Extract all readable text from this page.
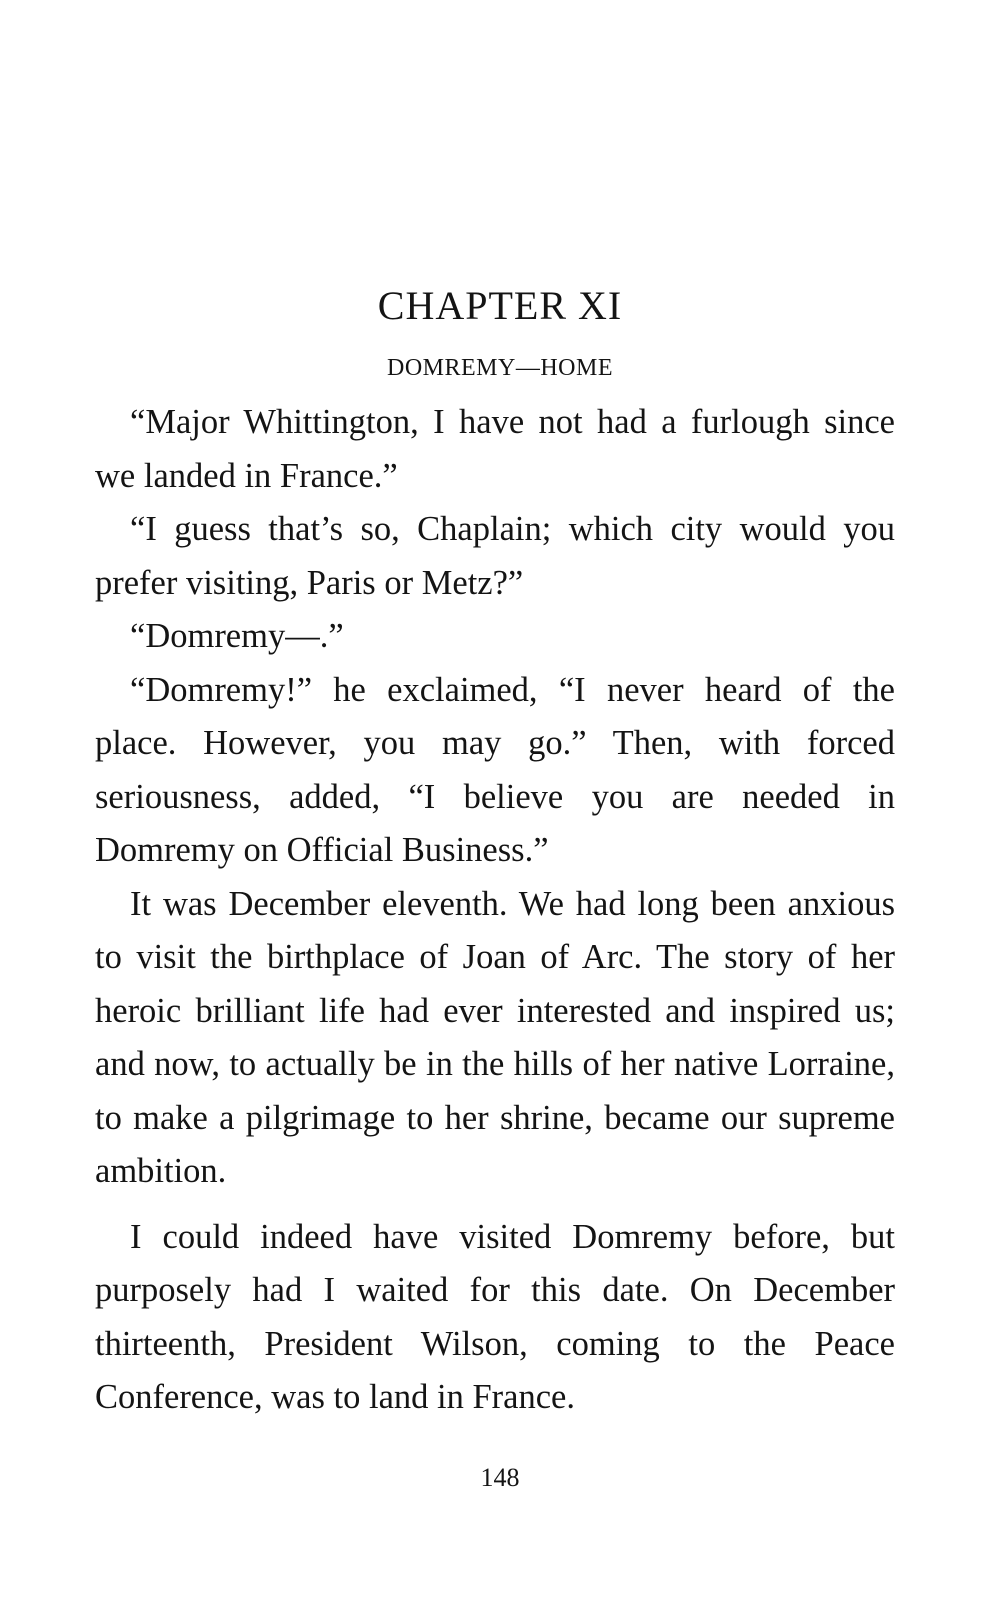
CHAPTER XI
DOMREMY—HOME

“Major Whittington, I have not had a furlough since we landed in France.”

“I guess that’s so, Chaplain; which city would you prefer visiting, Paris or Metz?”

“Domremy—.”

“Domremy!” he exclaimed, “I never heard of the place. However, you may go.” Then, with forced seriousness, added, “I believe you are needed in Domremy on Official Business.”

It was December eleventh. We had long been anxious to visit the birthplace of Joan of Arc. The story of her heroic brilliant life had ever interested and inspired us; and now, to actually be in the hills of her native Lorraine, to make a pilgrimage to her shrine, became our supreme ambition.

I could indeed have visited Domremy before, but purposely had I waited for this date. On December thirteenth, President Wilson, coming to the Peace Conference, was to land in France.

148
